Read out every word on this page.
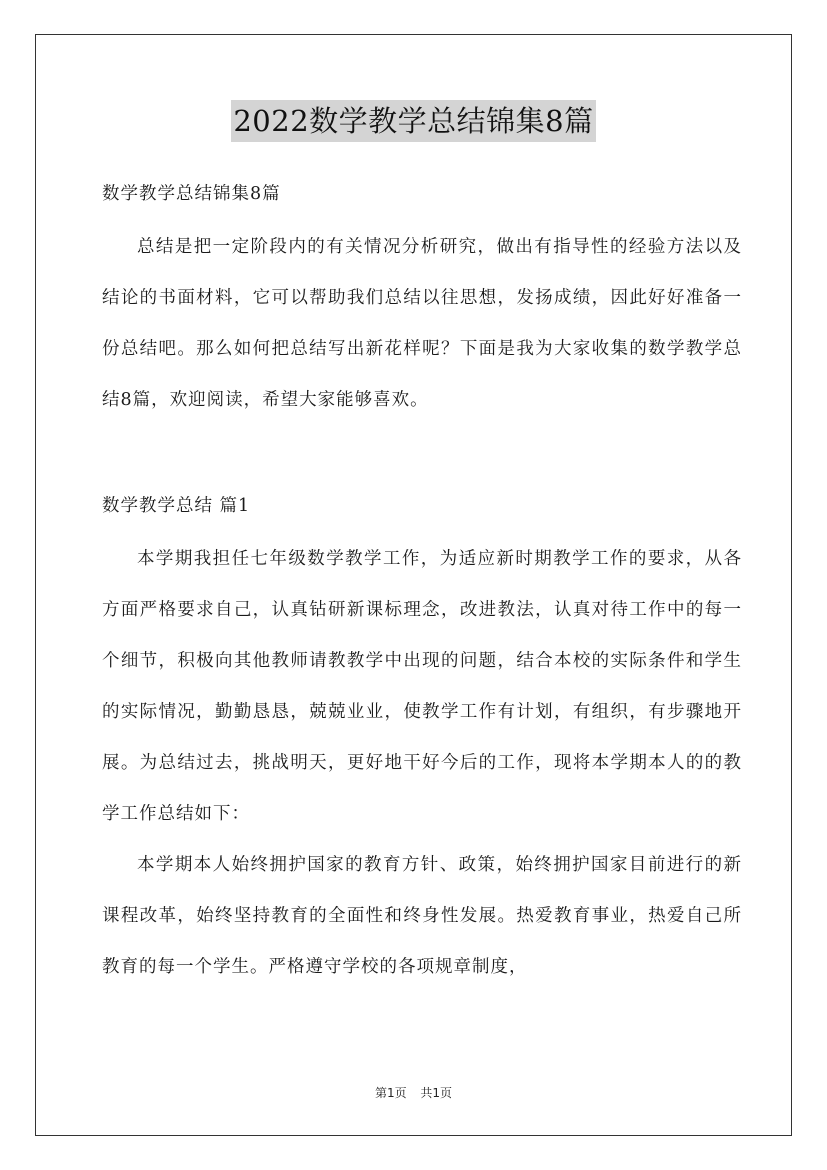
2022数学教学总结锦集8篇

数学教学总结锦集8篇

总结是把一定阶段内的有关情况分析研究，做出有指导性的经验方法以及结论的书面材料，它可以帮助我们总结以往思想，发扬成绩，因此好好准备一份总结吧。那么如何把总结写出新花样呢？下面是我为大家收集的数学教学总结8篇，欢迎阅读，希望大家能够喜欢。

数学教学总结 篇1

本学期我担任七年级数学教学工作，为适应新时期教学工作的要求，从各方面严格要求自己，认真钻研新课标理念，改进教法，认真对待工作中的每一个细节，积极向其他教师请教教学中出现的问题，结合本校的实际条件和学生的实际情况，勤勤恳恳，兢兢业业，使教学工作有计划，有组织，有步骤地开展。为总结过去，挑战明天，更好地干好今后的工作，现将本学期本人的的教学工作总结如下：

本学期本人始终拥护国家的教育方针、政策，始终拥护国家目前进行的新课程改革，始终坚持教育的全面性和终身性发展。热爱教育事业，热爱自己所教育的每一个学生。严格遵守学校的各项规章制度，

第1页 共1页
